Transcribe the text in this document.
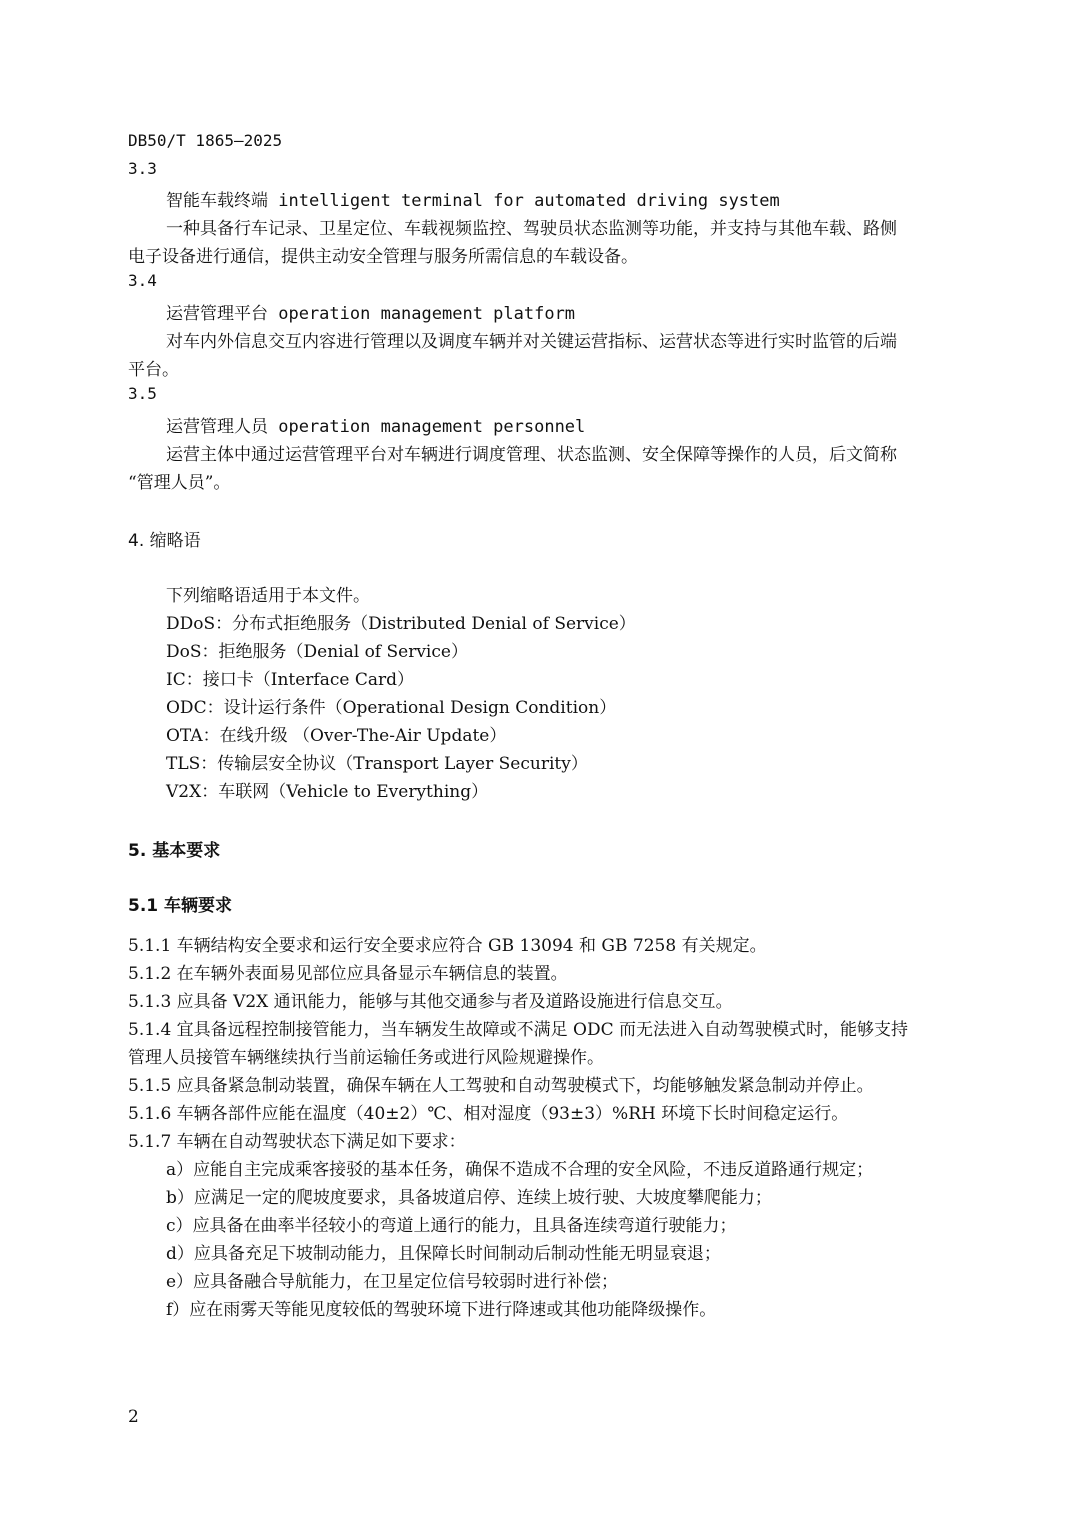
DB50/T 1865—2025
3.3
智能车载终端 intelligent terminal for automated driving system
一种具备行车记录、卫星定位、车载视频监控、驾驶员状态监测等功能，并支持与其他车载、路侧
电子设备进行通信，提供主动安全管理与服务所需信息的车载设备。
3.4
运营管理平台 operation management platform
对车内外信息交互内容进行管理以及调度车辆并对关键运营指标、运营状态等进行实时监管的后端
平台。
3.5
运营管理人员 operation management personnel
运营主体中通过运营管理平台对车辆进行调度管理、状态监测、安全保障等操作的人员，后文简称
“管理人员”。
4. 缩略语
下列缩略语适用于本文件。
DDoS：分布式拒绝服务（Distributed Denial of Service）
DoS：拒绝服务（Denial of Service）
IC：接口卡（Interface Card）
ODC：设计运行条件（Operational Design Condition）
OTA：在线升级 （Over-The-Air Update）
TLS：传输层安全协议（Transport Layer Security）
V2X：车联网（Vehicle to Everything）
5. 基本要求
5.1 车辆要求
5.1.1 车辆结构安全要求和运行安全要求应符合 GB 13094 和 GB 7258 有关规定。
5.1.2 在车辆外表面易见部位应具备显示车辆信息的装置。
5.1.3 应具备 V2X 通讯能力，能够与其他交通参与者及道路设施进行信息交互。
5.1.4 宜具备远程控制接管能力，当车辆发生故障或不满足 ODC 而无法进入自动驾驶模式时，能够支持
管理人员接管车辆继续执行当前运输任务或进行风险规避操作。
5.1.5 应具备紧急制动装置，确保车辆在人工驾驶和自动驾驶模式下，均能够触发紧急制动并停止。
5.1.6 车辆各部件应能在温度（40±2）℃、相对湿度（93±3）%RH 环境下长时间稳定运行。
5.1.7 车辆在自动驾驶状态下满足如下要求：
a）应能自主完成乘客接驳的基本任务，确保不造成不合理的安全风险，不违反道路通行规定；
b）应满足一定的爬坡度要求，具备坡道启停、连续上坡行驶、大坡度攀爬能力；
c）应具备在曲率半径较小的弯道上通行的能力，且具备连续弯道行驶能力；
d）应具备充足下坡制动能力，且保障长时间制动后制动性能无明显衰退；
e）应具备融合导航能力，在卫星定位信号较弱时进行补偿；
f）应在雨雾天等能见度较低的驾驶环境下进行降速或其他功能降级操作。
2
